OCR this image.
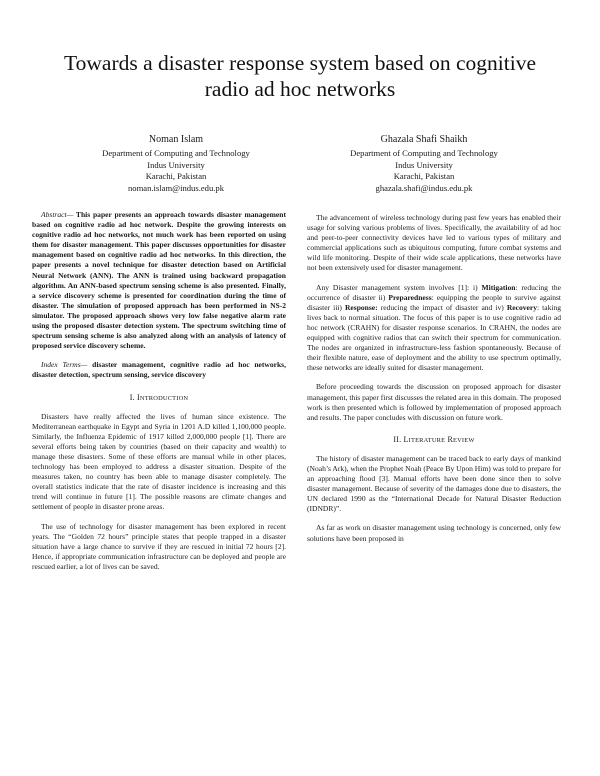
Towards a disaster response system based on cognitive radio ad hoc networks
Noman Islam
Department of Computing and Technology
Indus University
Karachi, Pakistan
noman.islam@indus.edu.pk
Ghazala Shafi Shaikh
Department of Computing and Technology
Indus University
Karachi, Pakistan
ghazala.shafi@indus.edu.pk

Abstract— This paper presents an approach towards disaster management based on cognitive radio ad hoc network. Despite the growing interests on cognitive radio ad hoc networks, not much work has been reported on using them for disaster management. This paper discusses opportunities for disaster management based on cognitive radio ad hoc networks. In this direction, the paper presents a novel technique for disaster detection based on Artificial Neural Network (ANN). The ANN is trained using backward propagation algorithm. An ANN-based spectrum sensing scheme is also presented. Finally, a service discovery scheme is presented for coordination during the time of disaster. The simulation of proposed approach has been performed in NS-2 simulator. The proposed approach shows very low false negative alarm rate using the proposed disaster detection system. The spectrum switching time of spectrum sensing scheme is also analyzed along with an analysis of latency of proposed service discovery scheme.

Index Terms— disaster management, cognitive radio ad hoc networks, disaster detection, spectrum sensing, service discovery

I. INTRODUCTION

Disasters have really affected the lives of human since existence. The Mediterranean earthquake in Egypt and Syria in 1201 A.D killed 1,100,000 people. Similarly, the Influenza Epidemic of 1917 killed 2,000,000 people [1]. There are several efforts being taken by countries (based on their capacity and wealth) to manage these disasters. Some of these efforts are manual while in other places, technology has been employed to address a disaster situation. Despite of the measures taken, no country has been able to manage disaster completely. The overall statistics indicate that the rate of disaster incidence is increasing and this trend will continue in future [1]. The possible reasons are climate changes and settlement of people in disaster prone areas.

The use of technology for disaster management has been explored in recent years. The “Golden 72 hours” principle states that people trapped in a disaster situation have a large chance to survive if they are rescued in initial 72 hours [2]. Hence, if appropriate communication infrastructure can be deployed and people are rescued earlier, a lot of lives can be saved.

The advancement of wireless technology during past few years has enabled their usage for solving various problems of lives. Specifically, the availability of ad hoc and peer-to-peer connectivity devices have led to various types of military and commercial applications such as ubiquitous computing, future combat systems and wild life monitoring. Despite of their wide scale applications, these networks have not been extensively used for disaster management.

Any Disaster management system involves [1]: i) Mitigation: reducing the occurrence of disaster ii) Preparedness: equipping the people to survive against disaster iii) Response: reducing the impact of disaster and iv) Recovery: taking lives back to normal situation. The focus of this paper is to use cognitive radio ad hoc network (CRAHN) for disaster response scenarios. In CRAHN, the nodes are equipped with cognitive radios that can switch their spectrum for communication. The nodes are organized in infrastructure-less fashion spontaneously. Because of their flexible nature, ease of deployment and the ability to use spectrum optimally, these networks are ideally suited for disaster management.

Before proceeding towards the discussion on proposed approach for disaster management, this paper first discusses the related area in this domain. The proposed work is then presented which is followed by implementation of proposed approach and results. The paper concludes with discussion on future work.

II. LITERATURE REVIEW

The history of disaster management can be traced back to early days of mankind (Noah’s Ark), when the Prophet Noah (Peace By Upon Him) was told to prepare for an approaching flood [3]. Manual efforts have been done since then to solve disaster management. Because of severity of the damages done due to disasters, the UN declared 1990 as the “International Decade for Natural Disaster Reduction (IDNDR)”.

As far as work on disaster management using technology is concerned, only few solutions have been proposed in
